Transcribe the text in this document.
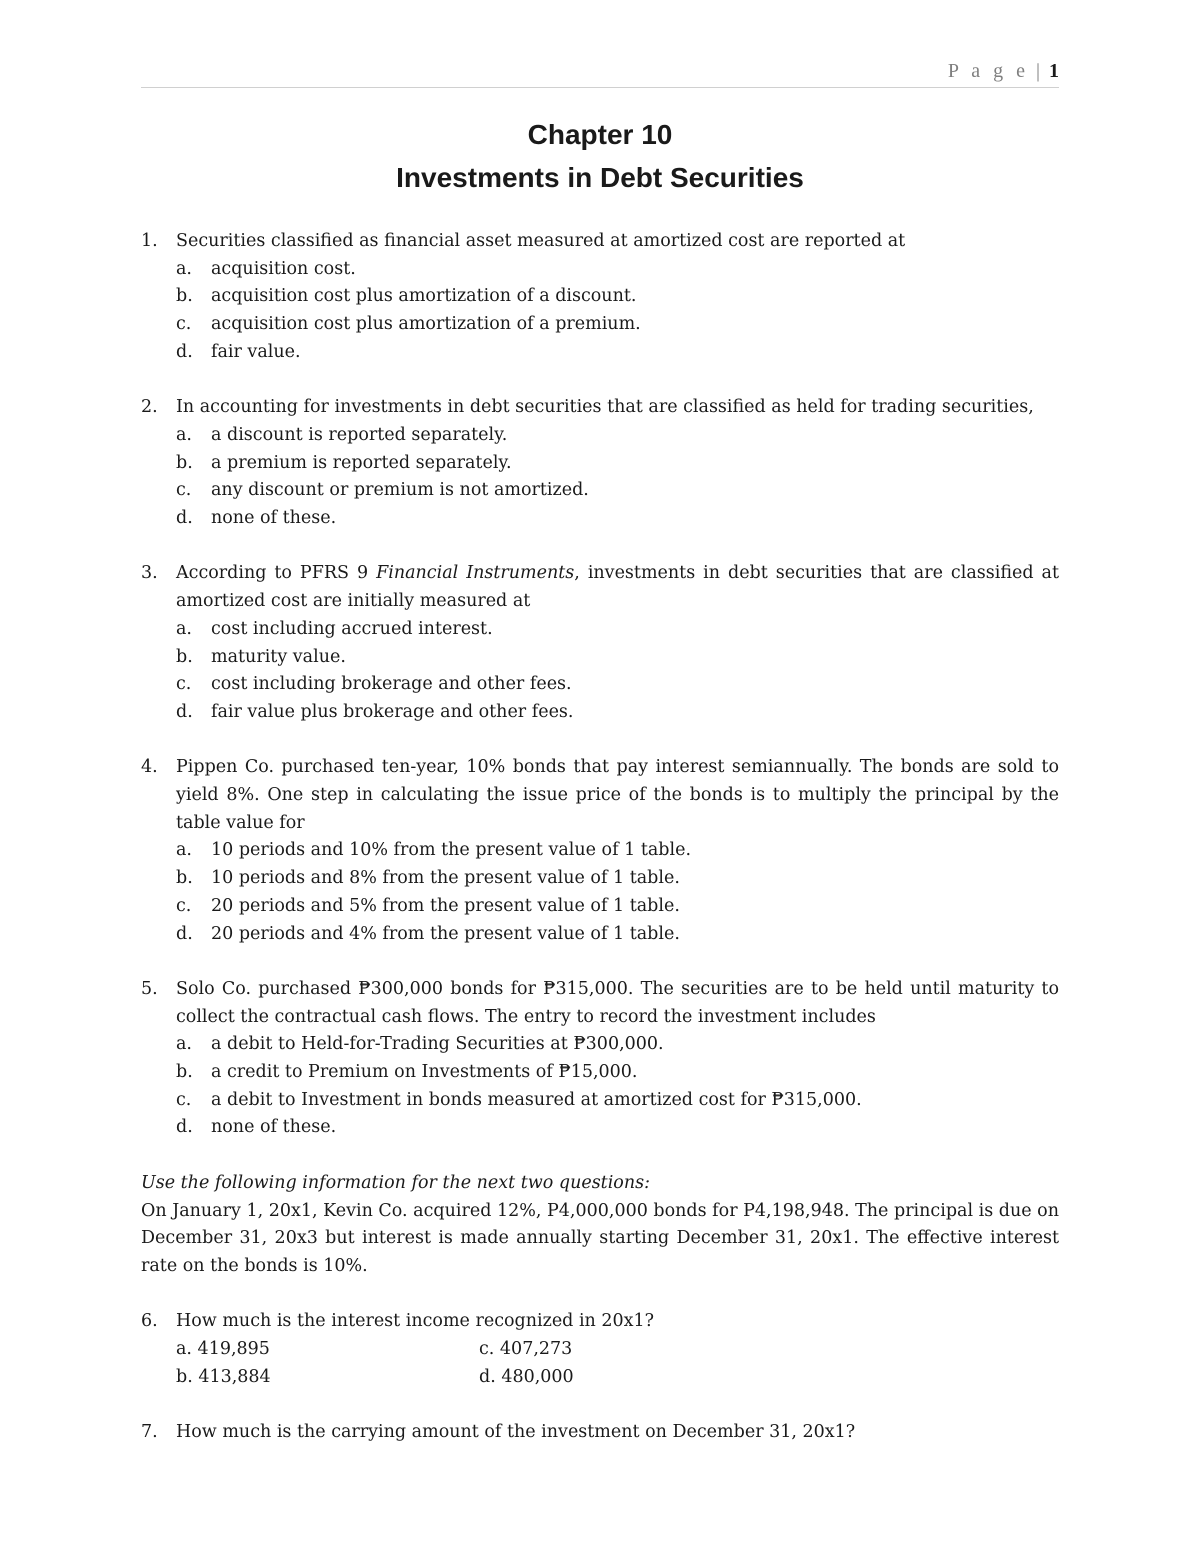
P a g e | 1
Chapter 10
Investments in Debt Securities
1. Securities classified as financial asset measured at amortized cost are reported at
a. acquisition cost.
b. acquisition cost plus amortization of a discount.
c. acquisition cost plus amortization of a premium.
d. fair value.
2. In accounting for investments in debt securities that are classified as held for trading securities,
a. a discount is reported separately.
b. a premium is reported separately.
c. any discount or premium is not amortized.
d. none of these.
3. According to PFRS 9 Financial Instruments, investments in debt securities that are classified at amortized cost are initially measured at
a. cost including accrued interest.
b. maturity value.
c. cost including brokerage and other fees.
d. fair value plus brokerage and other fees.
4. Pippen Co. purchased ten-year, 10% bonds that pay interest semiannually. The bonds are sold to yield 8%. One step in calculating the issue price of the bonds is to multiply the principal by the table value for
a. 10 periods and 10% from the present value of 1 table.
b. 10 periods and 8% from the present value of 1 table.
c. 20 periods and 5% from the present value of 1 table.
d. 20 periods and 4% from the present value of 1 table.
5. Solo Co. purchased ₱300,000 bonds for ₱315,000. The securities are to be held until maturity to collect the contractual cash flows. The entry to record the investment includes
a. a debit to Held-for-Trading Securities at ₱300,000.
b. a credit to Premium on Investments of ₱15,000.
c. a debit to Investment in bonds measured at amortized cost for ₱315,000.
d. none of these.
Use the following information for the next two questions:
On January 1, 20x1, Kevin Co. acquired 12%, P4,000,000 bonds for P4,198,948. The principal is due on December 31, 20x3 but interest is made annually starting December 31, 20x1. The effective interest rate on the bonds is 10%.
6. How much is the interest income recognized in 20x1?
a. 419,895	c. 407,273
b. 413,884	d. 480,000
7. How much is the carrying amount of the investment on December 31, 20x1?
